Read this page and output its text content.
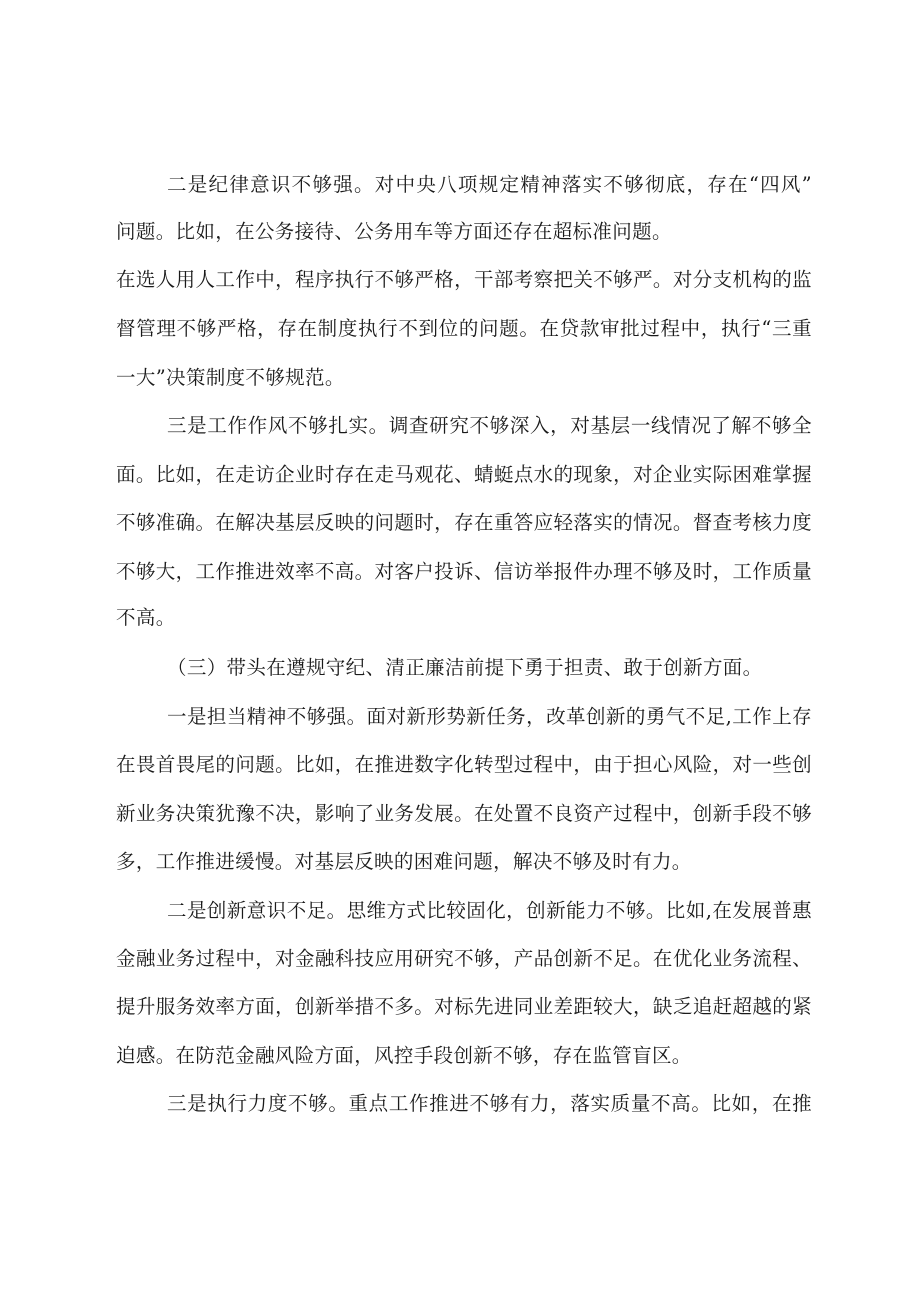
二是纪律意识不够强。对中央八项规定精神落实不够彻底，存在“四风”

问题。比如，在公务接待、公务用车等方面还存在超标准问题。

在选人用人工作中，程序执行不够严格，干部考察把关不够严。对分支机构的监

督管理不够严格，存在制度执行不到位的问题。在贷款审批过程中，执行“三重

一大”决策制度不够规范。

三是工作作风不够扎实。调查研究不够深入，对基层一线情况了解不够全

面。比如，在走访企业时存在走马观花、蜻蜓点水的现象，对企业实际困难掌握

不够准确。在解决基层反映的问题时，存在重答应轻落实的情况。督查考核力度

不够大，工作推进效率不高。对客户投诉、信访举报件办理不够及时，工作质量

不高。

（三）带头在遵规守纪、清正廉洁前提下勇于担责、敢于创新方面。

一是担当精神不够强。面对新形势新任务，改革创新的勇气不足,工作上存

在畏首畏尾的问题。比如，在推进数字化转型过程中，由于担心风险，对一些创

新业务决策犹豫不决，影响了业务发展。在处置不良资产过程中，创新手段不够

多，工作推进缓慢。对基层反映的困难问题，解决不够及时有力。

二是创新意识不足。思维方式比较固化，创新能力不够。比如,在发展普惠

金融业务过程中，对金融科技应用研究不够，产品创新不足。在优化业务流程、

提升服务效率方面，创新举措不多。对标先进同业差距较大，缺乏追赶超越的紧

迫感。在防范金融风险方面，风控手段创新不够，存在监管盲区。

三是执行力度不够。重点工作推进不够有力，落实质量不高。比如，在推
